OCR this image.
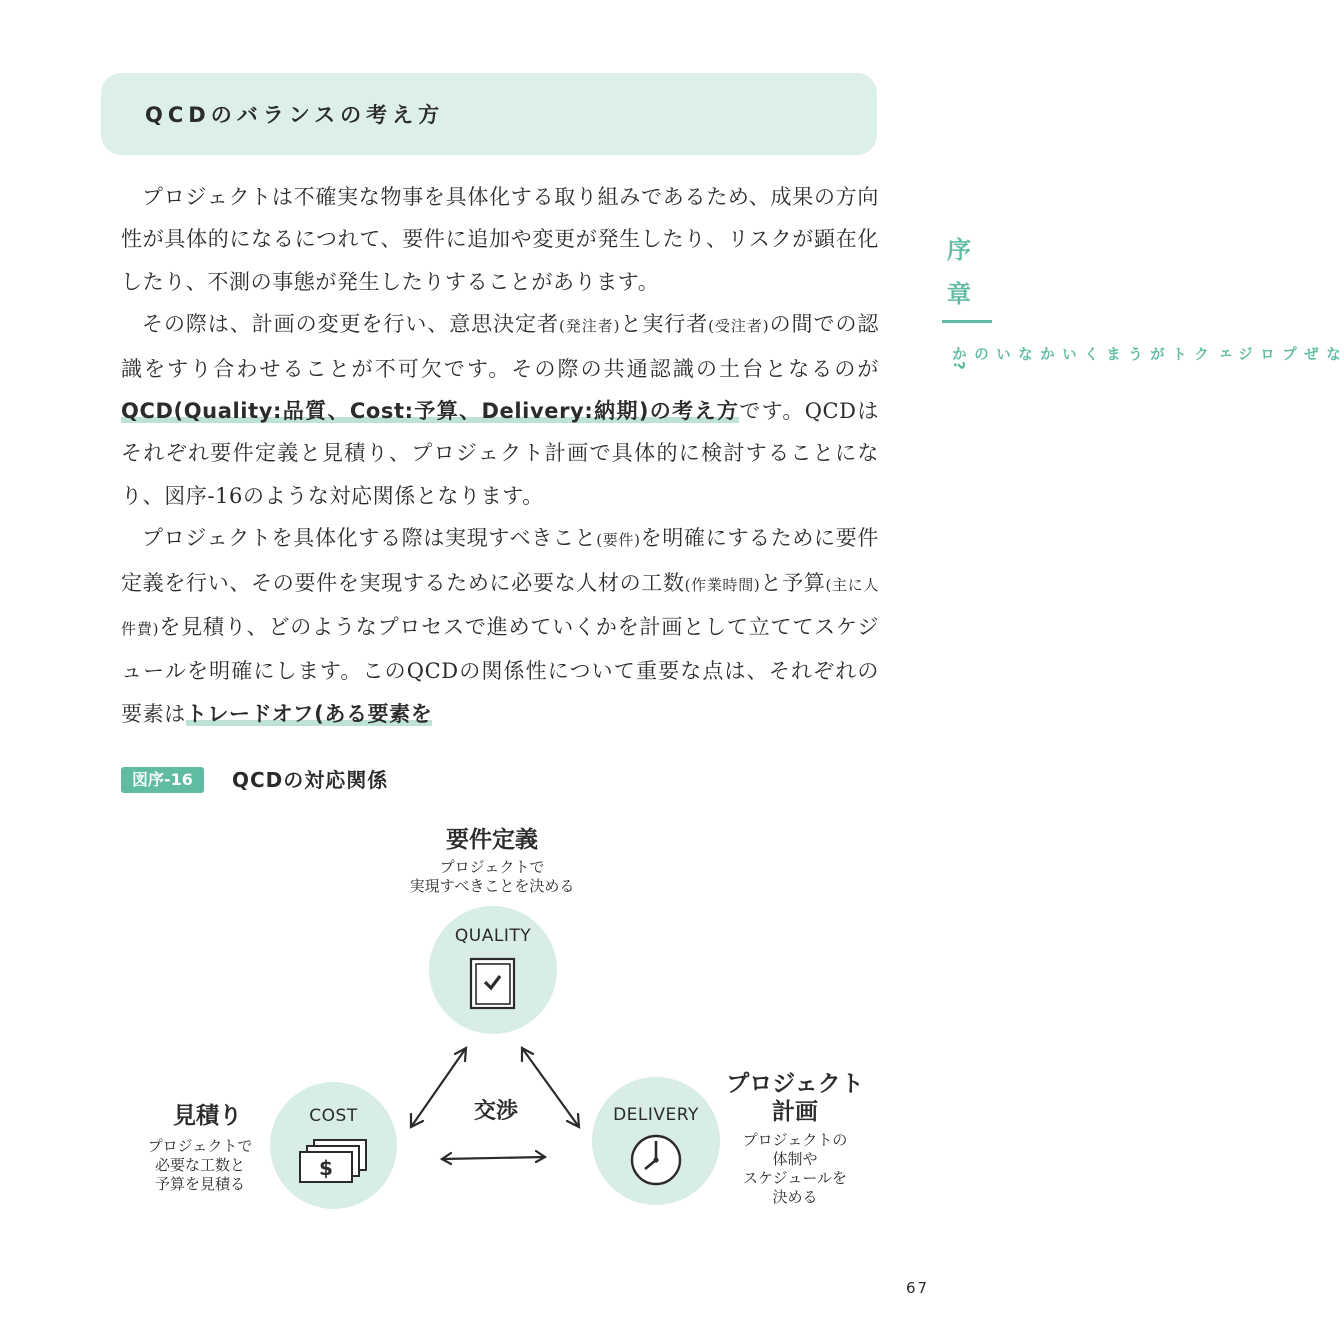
QCDのバランスの考え方

プロジェクトは不確実な物事を具体化する取り組みであるため、成果の方向性が具体的になるにつれて、要件に追加や変更が発生したり、リスクが顕在化したり、不測の事態が発生したりすることがあります。

その際は、計画の変更を行い、意思決定者(発注者)と実行者(受注者)の間での認識をすり合わせることが不可欠です。その際の共通認識の土台となるのがQCD(Quality:品質、Cost:予算、Delivery:納期)の考え方です。QCDはそれぞれ要件定義と見積り、プロジェクト計画で具体的に検討することになり、図序-16のような対応関係となります。

プロジェクトを具体化する際は実現すべきこと(要件)を明確にするために要件定義を行い、その要件を実現するために必要な人材の工数(作業時間)と予算(主に人件費)を見積り、どのようなプロセスで進めていくかを計画として立ててスケジュールを明確にします。このQCDの関係性について重要な点は、それぞれの要素はトレードオフ(ある要素を

序章
なぜプロジェクトがうまくいかないのか?
図序-16	QCDの対応関係
要件定義
プロジェクトで
実現すべきことを決める
QUALITY
見積り
プロジェクトで
必要な工数と
予算を見積る
COST
$
DELIVERY
プロジェクト
計画
プロジェクトの
体制や
スケジュールを
決める
交渉
67
